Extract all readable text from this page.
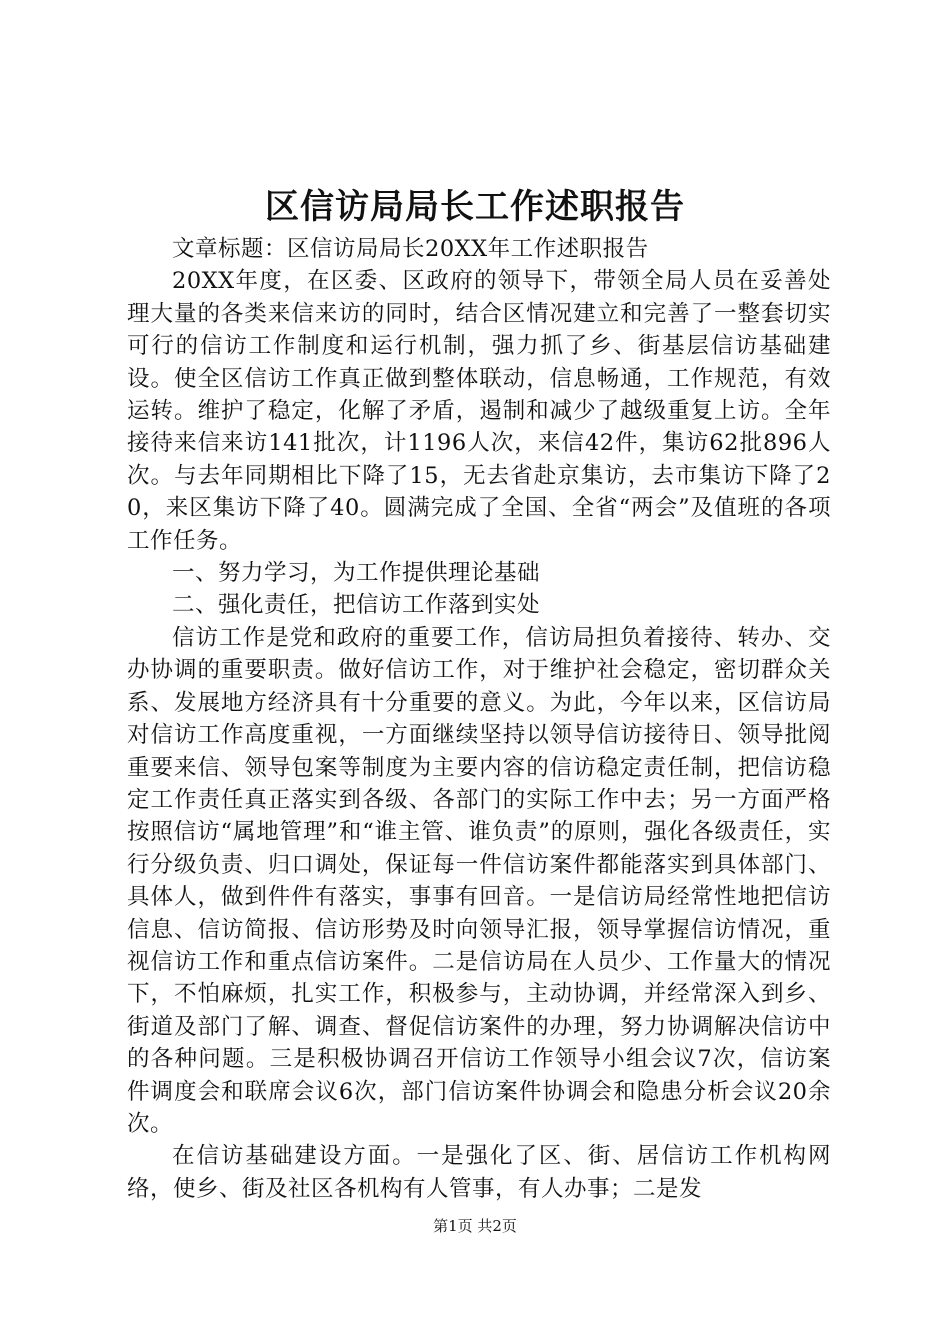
区信访局局长工作述职报告

文章标题：区信访局局长20XX年工作述职报告

20XX年度，在区委、区政府的领导下，带领全局人员在妥善处理大量的各类来信来访的同时，结合区情况建立和完善了一整套切实可行的信访工作制度和运行机制，强力抓了乡、街基层信访基础建设。使全区信访工作真正做到整体联动，信息畅通，工作规范，有效运转。维护了稳定，化解了矛盾，遏制和减少了越级重复上访。全年接待来信来访141批次，计1196人次，来信42件，集访62批896人次。与去年同期相比下降了15，无去省赴京集访，去市集访下降了20，来区集访下降了40。圆满完成了全国、全省“两会”及值班的各项工作任务。

一、努力学习，为工作提供理论基础

二、强化责任，把信访工作落到实处

信访工作是党和政府的重要工作，信访局担负着接待、转办、交办协调的重要职责。做好信访工作，对于维护社会稳定，密切群众关系、发展地方经济具有十分重要的意义。为此，今年以来，区信访局对信访工作高度重视，一方面继续坚持以领导信访接待日、领导批阅重要来信、领导包案等制度为主要内容的信访稳定责任制，把信访稳定工作责任真正落实到各级、各部门的实际工作中去；另一方面严格按照信访“属地管理”和“谁主管、谁负责”的原则，强化各级责任，实行分级负责、归口调处，保证每一件信访案件都能落实到具体部门、具体人，做到件件有落实，事事有回音。一是信访局经常性地把信访信息、信访简报、信访形势及时向领导汇报，领导掌握信访情况，重视信访工作和重点信访案件。二是信访局在人员少、工作量大的情况下，不怕麻烦，扎实工作，积极参与，主动协调，并经常深入到乡、街道及部门了解、调查、督促信访案件的办理，努力协调解决信访中的各种问题。三是积极协调召开信访工作领导小组会议7次，信访案件调度会和联席会议6次，部门信访案件协调会和隐患分析会议20余次。

在信访基础建设方面。一是强化了区、街、居信访工作机构网络，使乡、街及社区各机构有人管事，有人办事；二是发

第1页 共2页
